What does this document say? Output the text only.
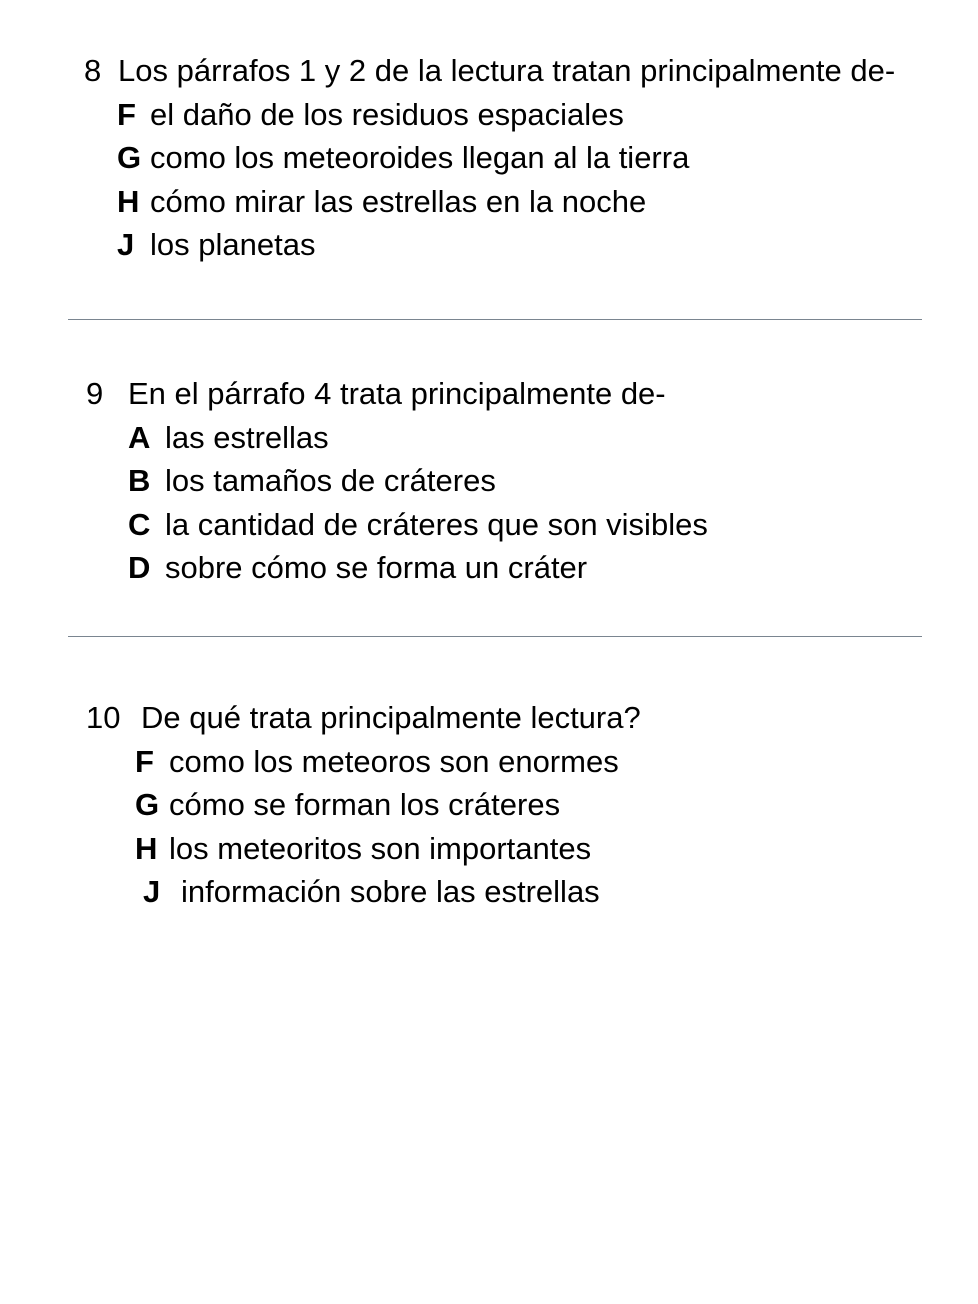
8 Los párrafos 1 y 2 de la lectura tratan principalmente de-
F el daño de los residuos espaciales
G como los meteoroides llegan al la tierra
H cómo mirar las estrellas en la noche
J los planetas
9 En el párrafo 4 trata principalmente de-
A las estrellas
B los tamaños de cráteres
C la cantidad de cráteres que son visibles
D sobre cómo se forma un cráter
10 De qué trata principalmente lectura?
F como los meteoros son enormes
G cómo se forman los cráteres
H los meteoritos son importantes
J información sobre las estrellas
